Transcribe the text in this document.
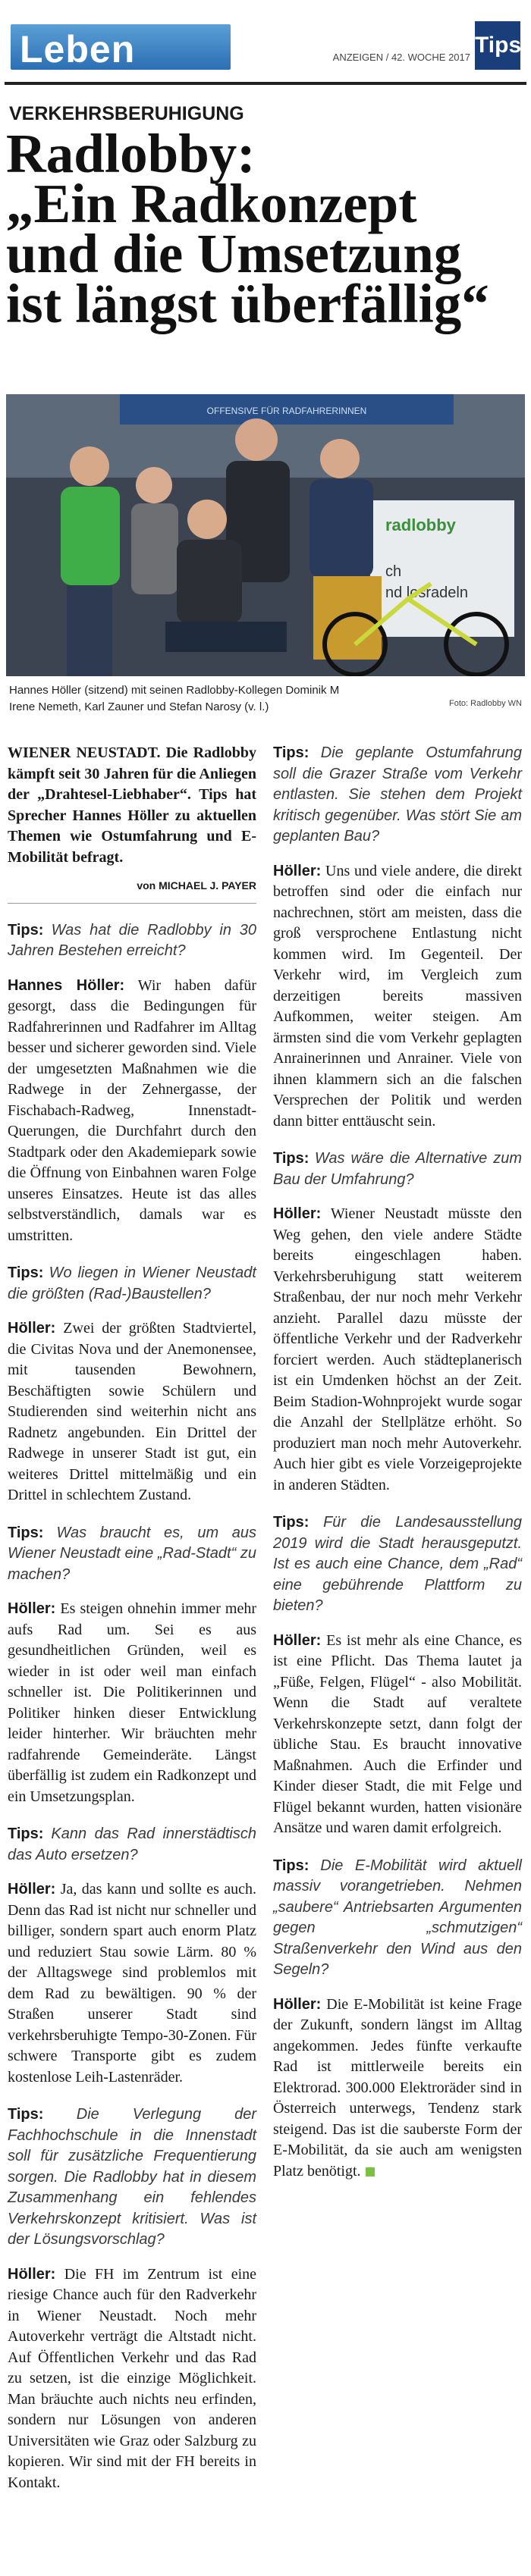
Leben	ANZEIGEN / 42. WOCHE 2017 Tips
VERKEHRSBERUHIGUNG
Radlobby:
„Ein Radkonzept
und die Umsetzung
ist längst überfällig“
OFFENSIVE FÜR RADFAHRERINNEN
radlobby
ch
nd losradeln
Hannes Höller (sitzend) mit seinen Radlobby-Kollegen Dominik M
Irene Nemeth, Karl Zauner und Stefan Narosy (v. l.)	Foto: Radlobby WN

WIENER NEUSTADT. Die Radlobby kämpft seit 30 Jahren für die Anliegen der „Drahtesel-Liebhaber“. Tips hat Sprecher Hannes Höller zu aktuellen Themen wie Ostumfahrung und E-Mobilität befragt.

von MICHAEL J. PAYER

Tips: Was hat die Radlobby in 30 Jahren Bestehen erreicht?

Hannes Höller: Wir haben dafür gesorgt, dass die Bedingungen für Radfahrerinnen und Radfahrer im Alltag besser und sicherer geworden sind. Viele der umgesetzten Maßnahmen wie die Radwege in der Zehnergasse, der Fischabach-Radweg, Innenstadt-Querungen, die Durchfahrt durch den Stadtpark oder den Akademiepark sowie die Öffnung von Einbahnen waren Folge unseres Einsatzes. Heute ist das alles selbstverständlich, damals war es umstritten.

Tips: Wo liegen in Wiener Neustadt die größten (Rad-)Baustellen?

Höller: Zwei der größten Stadtviertel, die Civitas Nova und der Anemonensee, mit tausenden Bewohnern, Beschäftigten sowie Schülern und Studierenden sind weiterhin nicht ans Radnetz angebunden. Ein Drittel der Radwege in unserer Stadt ist gut, ein weiteres Drittel mittelmäßig und ein Drittel in schlechtem Zustand.

Tips: Was braucht es, um aus Wiener Neustadt eine „Rad-Stadt“ zu machen?

Höller: Es steigen ohnehin immer mehr aufs Rad um. Sei es aus gesundheitlichen Gründen, weil es wieder in ist oder weil man einfach schneller ist. Die Politikerinnen und Politiker hinken dieser Entwicklung leider hinterher. Wir bräuchten mehr radfahrende Gemeinderäte. Längst überfällig ist zudem ein Radkonzept und ein Umsetzungsplan.

Tips: Kann das Rad innerstädtisch das Auto ersetzen?

Höller: Ja, das kann und sollte es auch. Denn das Rad ist nicht nur schneller und billiger, sondern spart auch enorm Platz und reduziert Stau sowie Lärm. 80 % der Alltagswege sind problemlos mit dem Rad zu bewältigen. 90 % der Straßen unserer Stadt sind verkehrsberuhigte Tempo-30-Zonen. Für schwere Transporte gibt es zudem kostenlose Leih-Lastenräder.

Tips: Die Verlegung der Fachhochschule in die Innenstadt soll für zusätzliche Frequentierung sorgen. Die Radlobby hat in diesem Zusammenhang ein fehlendes Verkehrskonzept kritisiert. Was ist der Lösungsvorschlag?

Höller: Die FH im Zentrum ist eine riesige Chance auch für den Radverkehr in Wiener Neustadt. Noch mehr Autoverkehr verträgt die Altstadt nicht. Auf Öffentlichen Verkehr und das Rad zu setzen, ist die einzige Möglichkeit. Man bräuchte auch nichts neu erfinden, sondern nur Lösungen von anderen Universitäten wie Graz oder Salzburg zu kopieren. Wir sind mit der FH bereits in Kontakt.

Tips: Die geplante Ostumfahrung soll die Grazer Straße vom Verkehr entlasten. Sie stehen dem Projekt kritisch gegenüber. Was stört Sie am geplanten Bau?

Höller: Uns und viele andere, die direkt betroffen sind oder die einfach nur nachrechnen, stört am meisten, dass die groß versprochene Entlastung nicht kommen wird. Im Gegenteil. Der Verkehr wird, im Vergleich zum derzeitigen bereits massiven Aufkommen, weiter steigen. Am ärmsten sind die vom Verkehr geplagten Anrainerinnen und Anrainer. Viele von ihnen klammern sich an die falschen Versprechen der Politik und werden dann bitter enttäuscht sein.

Tips: Was wäre die Alternative zum Bau der Umfahrung?

Höller: Wiener Neustadt müsste den Weg gehen, den viele andere Städte bereits eingeschlagen haben. Verkehrsberuhigung statt weiterem Straßenbau, der nur noch mehr Verkehr anzieht. Parallel dazu müsste der öffentliche Verkehr und der Radverkehr forciert werden. Auch städteplanerisch ist ein Umdenken höchst an der Zeit. Beim Stadion-Wohnprojekt wurde sogar die Anzahl der Stellplätze erhöht. So produziert man noch mehr Autoverkehr. Auch hier gibt es viele Vorzeigeprojekte in anderen Städten.

Tips: Für die Landesausstellung 2019 wird die Stadt herausgeputzt. Ist es auch eine Chance, dem „Rad“ eine gebührende Plattform zu bieten?

Höller: Es ist mehr als eine Chance, es ist eine Pflicht. Das Thema lautet ja „Füße, Felgen, Flügel“ - also Mobilität. Wenn die Stadt auf veraltete Verkehrskonzepte setzt, dann folgt der übliche Stau. Es braucht innovative Maßnahmen. Auch die Erfinder und Kinder dieser Stadt, die mit Felge und Flügel bekannt wurden, hatten visionäre Ansätze und waren damit erfolgreich.

Tips: Die E-Mobilität wird aktuell massiv vorangetrieben. Nehmen „saubere“ Antriebsarten Argumenten gegen „schmutzigen“ Straßenverkehr den Wind aus den Segeln?

Höller: Die E-Mobilität ist keine Frage der Zukunft, sondern längst im Alltag angekommen. Jedes fünfte verkaufte Rad ist mittlerweile bereits ein Elektrorad. 300.000 Elektroräder sind in Österreich unterwegs, Tendenz stark steigend. Das ist die sauberste Form der E-Mobilität, da sie auch am wenigsten Platz benötigt.
